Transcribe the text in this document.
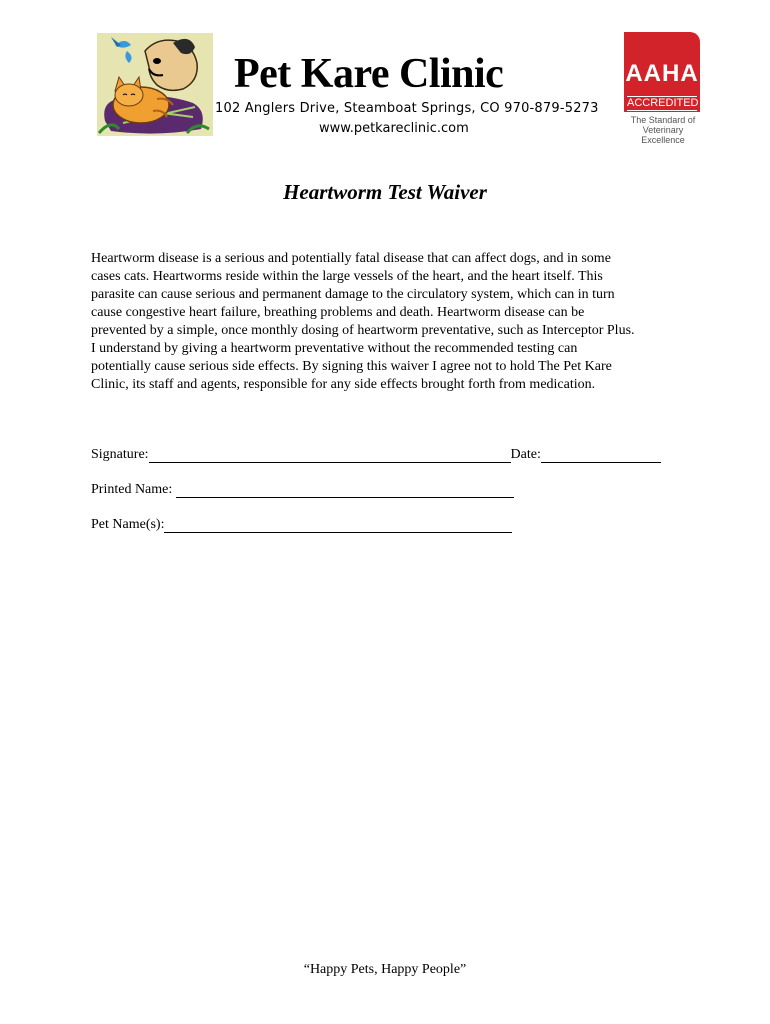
Pet Kare Clinic
102 Anglers Drive, Steamboat Springs, CO 970-879-5273
www.petkareclinic.com
AAHA
ACCREDITED
The Standard of
Veterinary Excellence
Heartworm Test Waiver
Heartworm disease is a serious and potentially fatal disease that can affect dogs, and in some
cases cats. Heartworms reside within the large vessels of the heart, and the heart itself. This
parasite can cause serious and permanent damage to the circulatory system, which can in turn
cause congestive heart failure, breathing problems and death. Heartworm disease can be
prevented by a simple, once monthly dosing of heartworm preventative, such as Interceptor Plus.
I understand by giving a heartworm preventative without the recommended testing can
potentially cause serious side effects. By signing this waiver I agree not to hold The Pet Kare
Clinic, its staff and agents, responsible for any side effects brought forth from medication.
Signature:	Date:
Printed Name:
Pet Name(s):
“Happy Pets, Happy People”
